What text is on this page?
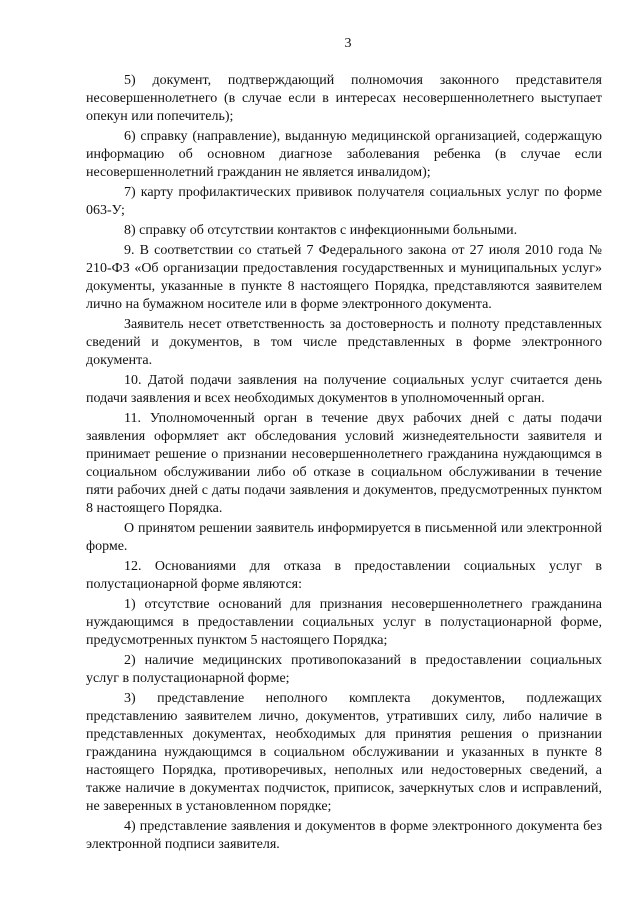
3

5) документ, подтверждающий полномочия законного представителя несовершеннолетнего (в случае если в интересах несовершеннолетнего выступает опекун или попечитель);

6) справку (направление), выданную медицинской организацией, содержащую информацию об основном диагнозе заболевания ребенка (в случае если несовершеннолетний гражданин не является инвалидом);

7) карту профилактических прививок получателя социальных услуг по форме 063-У;

8) справку об отсутствии контактов с инфекционными больными.

9. В соответствии со статьей 7 Федерального закона от 27 июля 2010 года № 210-ФЗ «Об организации предоставления государственных и муниципальных услуг» документы, указанные в пункте 8 настоящего Порядка, представляются заявителем лично на бумажном носителе или в форме электронного документа.

Заявитель несет ответственность за достоверность и полноту представленных сведений и документов, в том числе представленных в форме электронного документа.

10. Датой подачи заявления на получение социальных услуг считается день подачи заявления и всех необходимых документов в уполномоченный орган.

11. Уполномоченный орган в течение двух рабочих дней с даты подачи заявления оформляет акт обследования условий жизнедеятельности заявителя и принимает решение о признании несовершеннолетнего гражданина нуждающимся в социальном обслуживании либо об отказе в социальном обслуживании в течение пяти рабочих дней с даты подачи заявления и документов, предусмотренных пунктом 8 настоящего Порядка.

О принятом решении заявитель информируется в письменной или электронной форме.

12. Основаниями для отказа в предоставлении социальных услуг в полустационарной форме являются:

1) отсутствие оснований для признания несовершеннолетнего гражданина нуждающимся в предоставлении социальных услуг в полустационарной форме, предусмотренных пунктом 5 настоящего Порядка;

2) наличие медицинских противопоказаний в предоставлении социальных услуг в полустационарной форме;

3) представление неполного комплекта документов, подлежащих представлению заявителем лично, документов, утративших силу, либо наличие в представленных документах, необходимых для принятия решения о признании гражданина нуждающимся в социальном обслуживании и указанных в пункте 8 настоящего Порядка, противоречивых, неполных или недостоверных сведений, а также наличие в документах подчисток, приписок, зачеркнутых слов и исправлений, не заверенных в установленном порядке;

4) представление заявления и документов в форме электронного документа без электронной подписи заявителя.
